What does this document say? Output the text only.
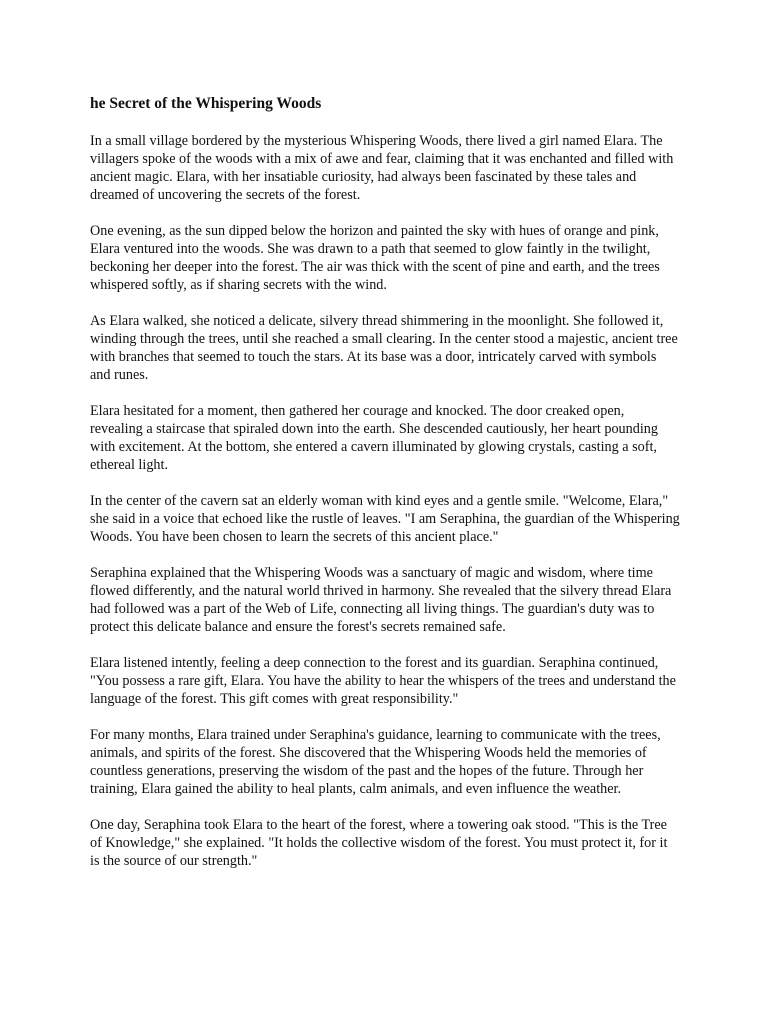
he Secret of the Whispering Woods

In a small village bordered by the mysterious Whispering Woods, there lived a girl named Elara. The villagers spoke of the woods with a mix of awe and fear, claiming that it was enchanted and filled with ancient magic. Elara, with her insatiable curiosity, had always been fascinated by these tales and dreamed of uncovering the secrets of the forest.

One evening, as the sun dipped below the horizon and painted the sky with hues of orange and pink, Elara ventured into the woods. She was drawn to a path that seemed to glow faintly in the twilight, beckoning her deeper into the forest. The air was thick with the scent of pine and earth, and the trees whispered softly, as if sharing secrets with the wind.

As Elara walked, she noticed a delicate, silvery thread shimmering in the moonlight. She followed it, winding through the trees, until she reached a small clearing. In the center stood a majestic, ancient tree with branches that seemed to touch the stars. At its base was a door, intricately carved with symbols and runes.

Elara hesitated for a moment, then gathered her courage and knocked. The door creaked open, revealing a staircase that spiraled down into the earth. She descended cautiously, her heart pounding with excitement. At the bottom, she entered a cavern illuminated by glowing crystals, casting a soft, ethereal light.

In the center of the cavern sat an elderly woman with kind eyes and a gentle smile. "Welcome, Elara," she said in a voice that echoed like the rustle of leaves. "I am Seraphina, the guardian of the Whispering Woods. You have been chosen to learn the secrets of this ancient place."

Seraphina explained that the Whispering Woods was a sanctuary of magic and wisdom, where time flowed differently, and the natural world thrived in harmony. She revealed that the silvery thread Elara had followed was a part of the Web of Life, connecting all living things. The guardian's duty was to protect this delicate balance and ensure the forest's secrets remained safe.

Elara listened intently, feeling a deep connection to the forest and its guardian. Seraphina continued, "You possess a rare gift, Elara. You have the ability to hear the whispers of the trees and understand the language of the forest. This gift comes with great responsibility."

For many months, Elara trained under Seraphina's guidance, learning to communicate with the trees, animals, and spirits of the forest. She discovered that the Whispering Woods held the memories of countless generations, preserving the wisdom of the past and the hopes of the future. Through her training, Elara gained the ability to heal plants, calm animals, and even influence the weather.

One day, Seraphina took Elara to the heart of the forest, where a towering oak stood. "This is the Tree of Knowledge," she explained. "It holds the collective wisdom of the forest. You must protect it, for it is the source of our strength."
